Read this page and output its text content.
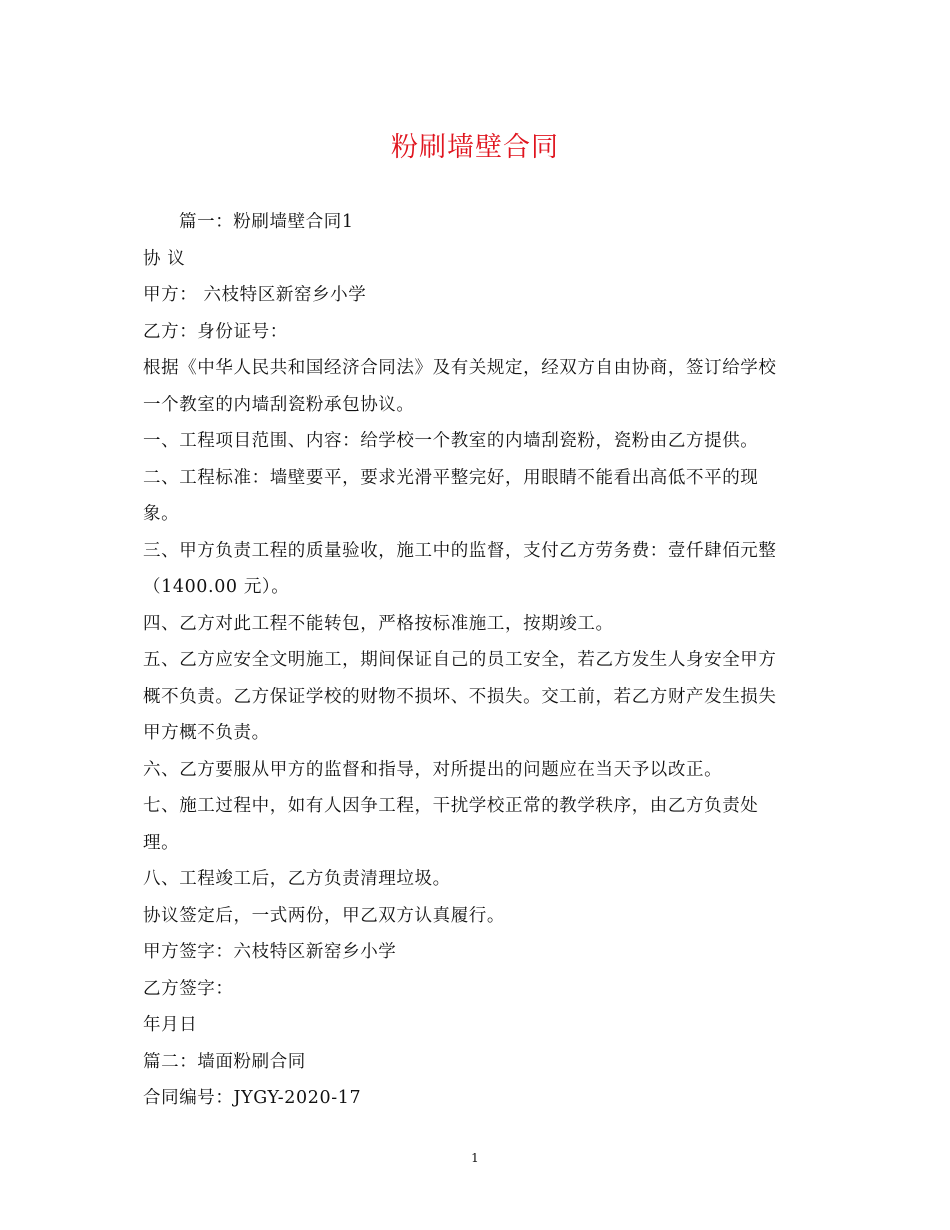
粉刷墙壁合同
篇一：粉刷墙壁合同1
协 议
甲方： 六枝特区新窑乡小学
乙方：身份证号：
根据《中华人民共和国经济合同法》及有关规定，经双方自由协商，签订给学校
一个教室的内墙刮瓷粉承包协议。
一、工程项目范围、内容：给学校一个教室的内墙刮瓷粉，瓷粉由乙方提供。
二、工程标准：墙壁要平，要求光滑平整完好，用眼睛不能看出高低不平的现
象。
三、甲方负责工程的质量验收，施工中的监督，支付乙方劳务费：壹仟肆佰元整
（1400.00 元）。
四、乙方对此工程不能转包，严格按标准施工，按期竣工。
五、乙方应安全文明施工，期间保证自己的员工安全，若乙方发生人身安全甲方
概不负责。乙方保证学校的财物不损坏、不损失。交工前，若乙方财产发生损失
甲方概不负责。
六、乙方要服从甲方的监督和指导，对所提出的问题应在当天予以改正。
七、施工过程中，如有人因争工程，干扰学校正常的教学秩序，由乙方负责处
理。
八、工程竣工后，乙方负责清理垃圾。
协议签定后，一式两份，甲乙双方认真履行。
甲方签字：六枝特区新窑乡小学
乙方签字：
年月日
篇二：墙面粉刷合同
合同编号：JYGY-2020-17
1
